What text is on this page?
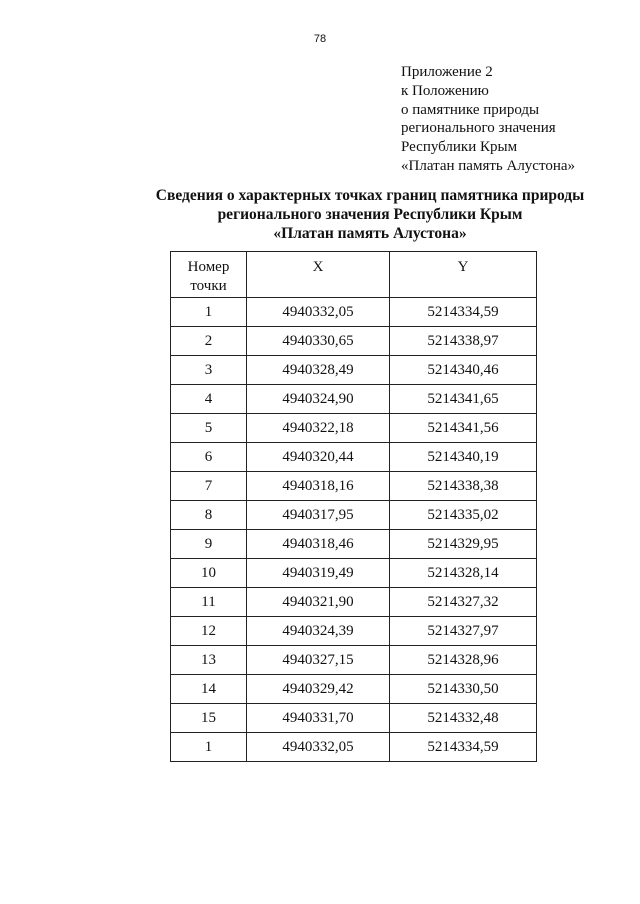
78
Приложение 2
к Положению
о памятнике природы
регионального значения
Республики Крым
«Платан память Алустона»
Сведения о характерных точках границ памятника природы
регионального значения Республики Крым
«Платан память Алустона»
Номер
точки	X	Y
1	4940332,05	5214334,59
2	4940330,65	5214338,97
3	4940328,49	5214340,46
4	4940324,90	5214341,65
5	4940322,18	5214341,56
6	4940320,44	5214340,19
7	4940318,16	5214338,38
8	4940317,95	5214335,02
9	4940318,46	5214329,95
10	4940319,49	5214328,14
11	4940321,90	5214327,32
12	4940324,39	5214327,97
13	4940327,15	5214328,96
14	4940329,42	5214330,50
15	4940331,70	5214332,48
1	4940332,05	5214334,59
